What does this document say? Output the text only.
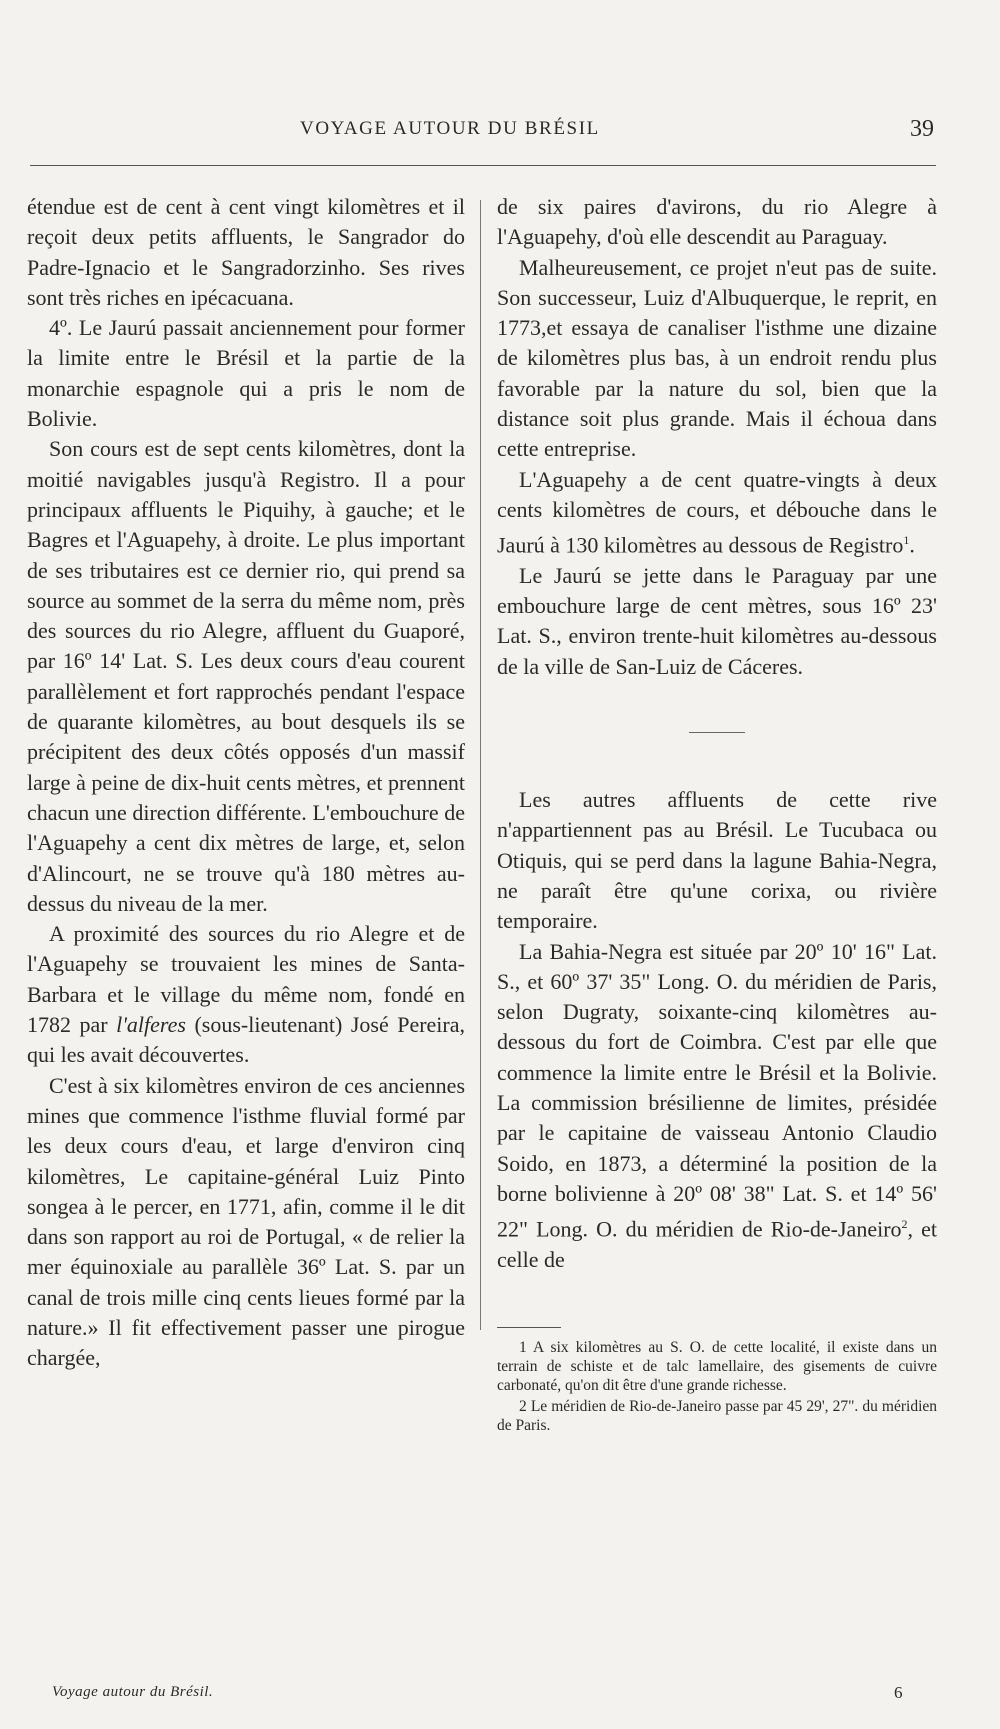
VOYAGE AUTOUR DU BRÉSIL	39

étendue est de cent à cent vingt kilomètres et il reçoit deux petits affluents, le Sangrador do Padre-Ignacio et le Sangradorzinho. Ses rives sont très riches en ipécacuana.

4º. Le Jaurú passait anciennement pour former la limite entre le Brésil et la partie de la monarchie espagnole qui a pris le nom de Bolivie.

Son cours est de sept cents kilomètres, dont la moitié navigables jusqu'à Registro. Il a pour principaux affluents le Piquihy, à gauche; et le Bagres et l'Aguapehy, à droite. Le plus important de ses tributaires est ce dernier rio, qui prend sa source au sommet de la serra du même nom, près des sources du rio Alegre, affluent du Guaporé, par 16º 14' Lat. S. Les deux cours d'eau courent parallèlement et fort rapprochés pendant l'espace de quarante kilomètres, au bout desquels ils se précipitent des deux côtés opposés d'un massif large à peine de dix-huit cents mètres, et prennent chacun une direction différente. L'embouchure de l'Aguapehy a cent dix mètres de large, et, selon d'Alincourt, ne se trouve qu'à 180 mètres au-dessus du niveau de la mer.

A proximité des sources du rio Alegre et de l'Aguapehy se trouvaient les mines de Santa-Barbara et le village du même nom, fondé en 1782 par l'alferes (sous-lieutenant) José Pereira, qui les avait découvertes.

C'est à six kilomètres environ de ces anciennes mines que commence l'isthme fluvial formé par les deux cours d'eau, et large d'environ cinq kilomètres, Le capitaine-général Luiz Pinto songea à le percer, en 1771, afin, comme il le dit dans son rapport au roi de Portugal, « de relier la mer équinoxiale au parallèle 36º Lat. S. par un canal de trois mille cinq cents lieues formé par la nature.» Il fit effectivement passer une pirogue chargée,

de six paires d'avirons, du rio Alegre à l'Aguapehy, d'où elle descendit au Paraguay.

Malheureusement, ce projet n'eut pas de suite. Son successeur, Luiz d'Albuquerque, le reprit, en 1773,et essaya de canaliser l'isthme une dizaine de kilomètres plus bas, à un endroit rendu plus favorable par la nature du sol, bien que la distance soit plus grande. Mais il échoua dans cette entreprise.

L'Aguapehy a de cent quatre-vingts à deux cents kilomètres de cours, et débouche dans le Jaurú à 130 kilomètres au dessous de Registro$^1$.

Le Jaurú se jette dans le Paraguay par une embouchure large de cent mètres, sous 16º 23' Lat. S., environ trente-huit kilomètres au-dessous de la ville de San-Luiz de Cáceres.

Les autres affluents de cette rive n'appartiennent pas au Brésil. Le Tucubaca ou Otiquis, qui se perd dans la lagune Bahia-Negra, ne paraît être qu'une corixa, ou rivière temporaire.

La Bahia-Negra est située par 20º 10' 16" Lat. S., et 60º 37' 35" Long. O. du méridien de Paris, selon Dugraty, soixante-cinq kilomètres au-dessous du fort de Coimbra. C'est par elle que commence la limite entre le Brésil et la Bolivie. La commission brésilienne de limites, présidée par le capitaine de vaisseau Antonio Claudio Soido, en 1873, a déterminé la position de la borne bolivienne à 20º 08' 38" Lat. S. et 14º 56' 22" Long. O. du méridien de Rio-de-Janeiro$^2$, et celle de

1 A six kilomètres au S. O. de cette localité, il existe dans un terrain de schiste et de talc lamellaire, des gisements de cuivre carbonaté, qu'on dit être d'une grande richesse.

2 Le méridien de Rio-de-Janeiro passe par 45 29', 27". du méridien de Paris.

Voyage autour du Brésil.	6
